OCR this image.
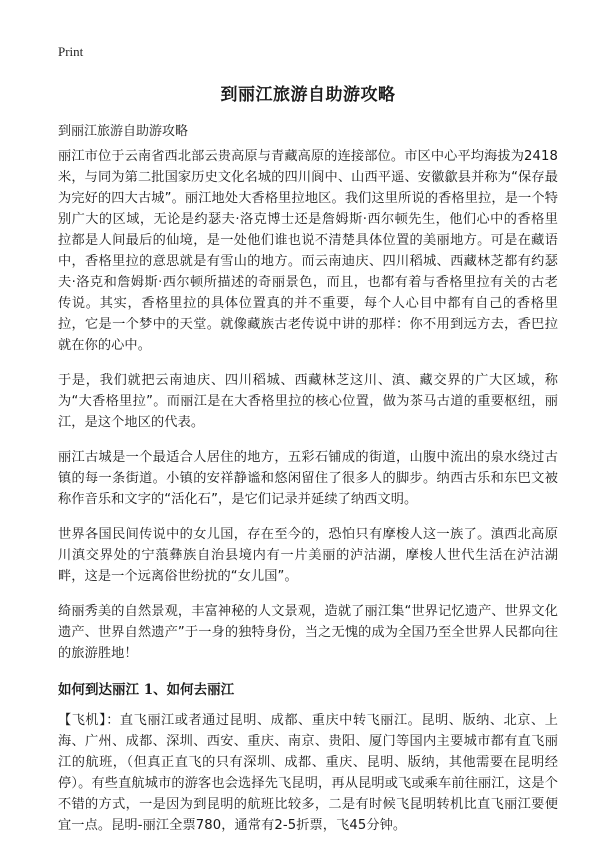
Print
到丽江旅游自助游攻略

到丽江旅游自助游攻略

丽江市位于云南省西北部云贵高原与青藏高原的连接部位。市区中心平均海拔为2418米，与同为第二批国家历史文化名城的四川阆中、山西平遥、安徽歙县并称为“保存最为完好的四大古城”。丽江地处大香格里拉地区。我们这里所说的香格里拉，是一个特别广大的区域，无论是约瑟夫·洛克博士还是詹姆斯·西尔顿先生，他们心中的香格里拉都是人间最后的仙境，是一处他们谁也说不清楚具体位置的美丽地方。可是在藏语中，香格里拉的意思就是有雪山的地方。而云南迪庆、四川稻城、西藏林芝都有约瑟夫·洛克和詹姆斯·西尔顿所描述的奇丽景色，而且，也都有着与香格里拉有关的古老传说。其实，香格里拉的具体位置真的并不重要，每个人心目中都有自己的香格里拉，它是一个梦中的天堂。就像藏族古老传说中讲的那样：你不用到远方去，香巴拉就在你的心中。

于是，我们就把云南迪庆、四川稻城、西藏林芝这川、滇、藏交界的广大区域，称为“大香格里拉”。而丽江是在大香格里拉的核心位置，做为茶马古道的重要枢纽，丽江，是这个地区的代表。

丽江古城是一个最适合人居住的地方，五彩石铺成的街道，山腹中流出的泉水绕过古镇的每一条街道。小镇的安祥静谧和悠闲留住了很多人的脚步。纳西古乐和东巴文被称作音乐和文字的“活化石”，是它们记录并延续了纳西文明。

世界各国民间传说中的女儿国，存在至今的，恐怕只有摩梭人这一族了。滇西北高原川滇交界处的宁蒗彝族自治县境内有一片美丽的泸沽湖，摩梭人世代生活在泸沽湖畔，这是一个远离俗世纷扰的“女儿国”。

绮丽秀美的自然景观，丰富神秘的人文景观，造就了丽江集“世界记忆遗产、世界文化遗产、世界自然遗产”于一身的独特身份，当之无愧的成为全国乃至全世界人民都向往的旅游胜地！

如何到达丽江 1、如何去丽江

【飞机】：直飞丽江或者通过昆明、成都、重庆中转飞丽江。昆明、版纳、北京、上海、广州、成都、深圳、西安、重庆、南京、贵阳、厦门等国内主要城市都有直飞丽江的航班，（但真正直飞的只有深圳、成都、重庆、昆明、版纳，其他需要在昆明经停）。有些直航城市的游客也会选择先飞昆明，再从昆明或飞或乘车前往丽江，这是个不错的方式，一是因为到昆明的航班比较多，二是有时候飞昆明转机比直飞丽江要便宜一点。昆明-丽江全票780，通常有2-5折票，飞45分钟。
